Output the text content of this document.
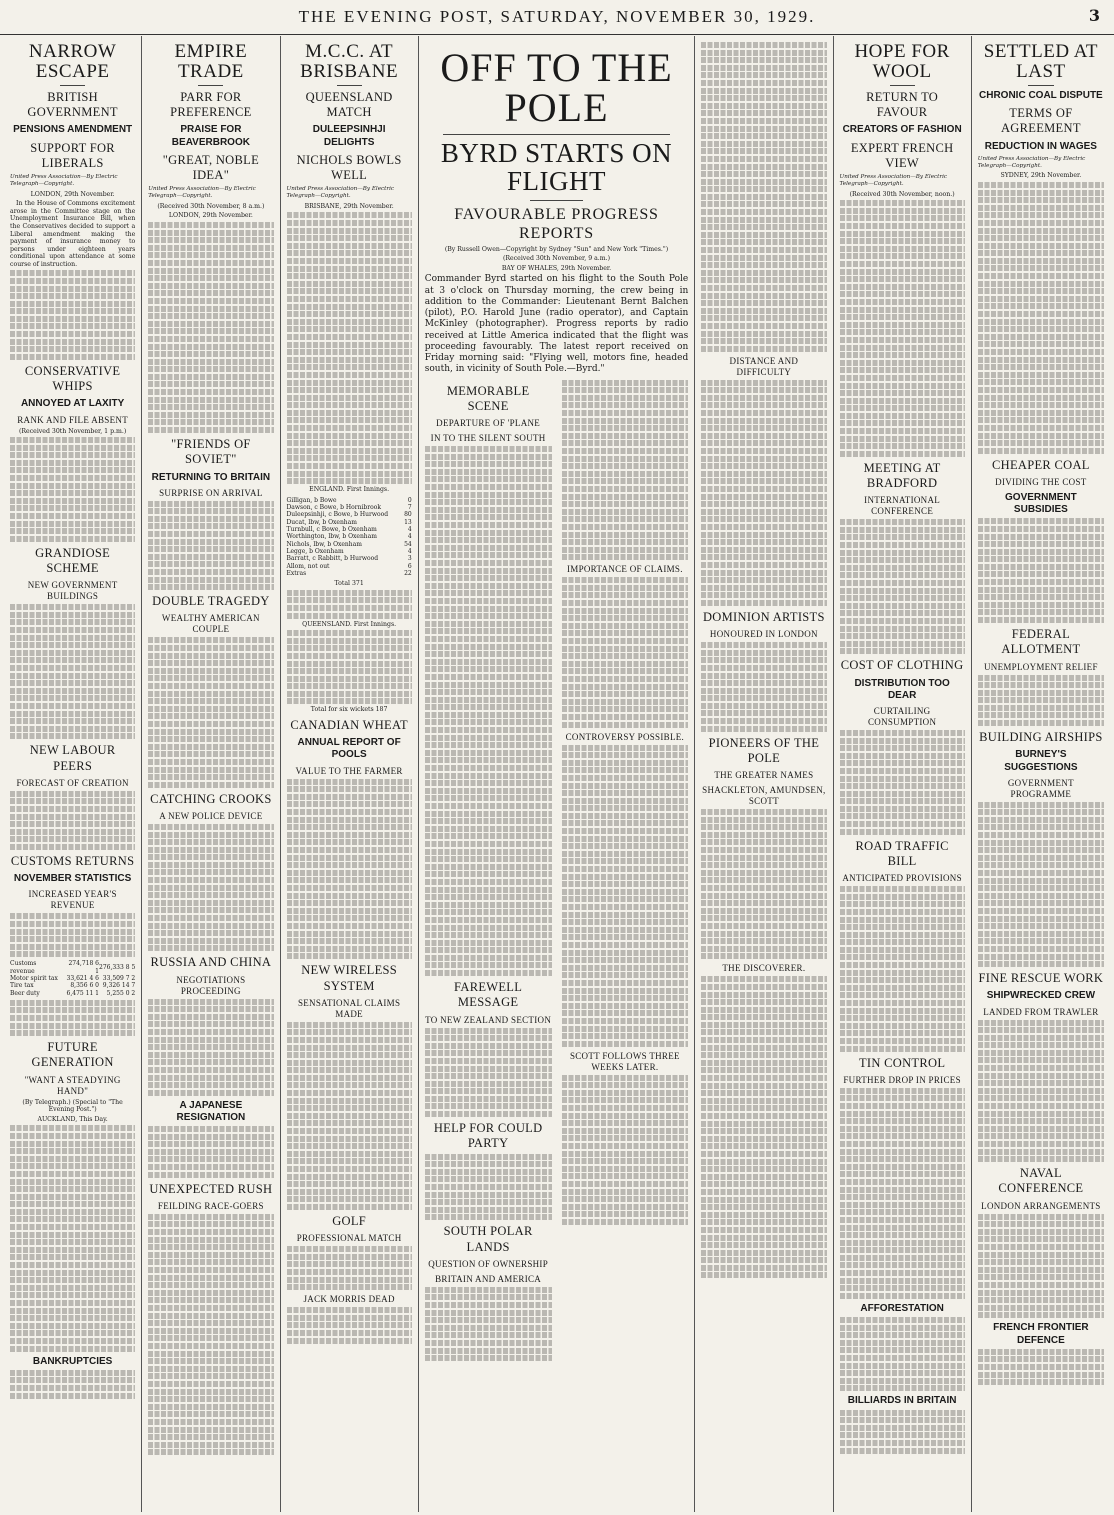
THE EVENING POST, SATURDAY, NOVEMBER 30, 1929.	3
NARROW ESCAPE
BRITISH GOVERNMENT
PENSIONS AMENDMENT
SUPPORT FOR LIBERALS
United Press Association—By Electric Telegraph—Copyright.
LONDON, 29th November.

In the House of Commons excitement arose in the Committee stage on the Unemployment Insurance Bill, when the Conservatives decided to support a Liberal amendment making the payment of insurance money to persons under eighteen years conditional upon attendance at some course of instruction.

CONSERVATIVE WHIPS
ANNOYED AT LAXITY
RANK AND FILE ABSENT
(Received 30th November, 1 p.m.)
GRANDIOSE SCHEME
NEW GOVERNMENT BUILDINGS
NEW LABOUR PEERS
FORECAST OF CREATION
CUSTOMS RETURNS
NOVEMBER STATISTICS
INCREASED YEAR'S REVENUE
Customs revenue	274,718 6 1	276,333 8 5
Motor spirit tax	33,621 4 6	33,509 7 2
Tire tax	8,356 6 0	9,326 14 7
Beer duty	6,475 11 1	5,255 0 2
FUTURE GENERATION
"WANT A STEADYING HAND"
(By Telegraph.) (Special to "The Evening Post.")
AUCKLAND, This Day.
BANKRUPTCIES
EMPIRE TRADE
PARR FOR PREFERENCE
PRAISE FOR BEAVERBROOK
"GREAT, NOBLE IDEA"
United Press Association—By Electric Telegraph—Copyright.
(Received 30th November, 8 a.m.)
LONDON, 29th November.
"FRIENDS OF SOVIET"
RETURNING TO BRITAIN
SURPRISE ON ARRIVAL
DOUBLE TRAGEDY
WEALTHY AMERICAN COUPLE
CATCHING CROOKS
A NEW POLICE DEVICE
RUSSIA AND CHINA
NEGOTIATIONS PROCEEDING
A JAPANESE RESIGNATION
UNEXPECTED RUSH
FEILDING RACE-GOERS
M.C.C. AT BRISBANE
QUEENSLAND MATCH
DULEEPSINHJI DELIGHTS
NICHOLS BOWLS WELL
United Press Association—By Electric Telegraph—Copyright.
BRISBANE, 29th November.
ENGLAND. First Innings.
Gilligan, b Bowe	0
Dawson, c Bowe, b Hornibrook	7
Duleepsinhji, c Bowe, b Hurwood	80
Ducat, lbw, b Oxenham	13
Turnbull, c Bowe, b Oxenham	4
Worthington, lbw, b Oxenham	4
Nichols, lbw, b Oxenham	54
Legge, b Oxenham	4
Barratt, c Rabbitt, b Hurwood	3
Allom, not out	6
Extras	22
Total 371
QUEENSLAND. First Innings.
Total for six wickets 187
CANADIAN WHEAT
ANNUAL REPORT OF POOLS
VALUE TO THE FARMER
NEW WIRELESS SYSTEM
SENSATIONAL CLAIMS MADE
GOLF
PROFESSIONAL MATCH
JACK MORRIS DEAD
OFF TO THE POLE
BYRD STARTS ON FLIGHT
FAVOURABLE PROGRESS REPORTS
(By Russell Owen—Copyright by Sydney "Sun" and New York "Times.")
(Received 30th November, 9 a.m.)
BAY OF WHALES, 29th November.
Commander Byrd started on his flight to the South Pole at 3 o'clock on Thursday morning, the crew being in addition to the Commander: Lieutenant Bernt Balchen (pilot), P.O. Harold June (radio operator), and Captain McKinley (photographer). Progress reports by radio received at Little America indicated that the flight was proceeding favourably. The latest report received on Friday morning said: "Flying well, motors fine, headed south, in vicinity of South Pole.—Byrd."
MEMORABLE SCENE
DEPARTURE OF 'PLANE
IN TO THE SILENT SOUTH
FAREWELL MESSAGE
TO NEW ZEALAND SECTION
HELP FOR COULD PARTY
SOUTH POLAR LANDS
QUESTION OF OWNERSHIP
BRITAIN AND AMERICA
IMPORTANCE OF CLAIMS.
CONTROVERSY POSSIBLE.
SCOTT FOLLOWS THREE WEEKS LATER.
DISTANCE AND DIFFICULTY
DOMINION ARTISTS
HONOURED IN LONDON
PIONEERS OF THE POLE
THE GREATER NAMES
SHACKLETON, AMUNDSEN, SCOTT
THE DISCOVERER.
HOPE FOR WOOL
RETURN TO FAVOUR
CREATORS OF FASHION
EXPERT FRENCH VIEW
United Press Association—By Electric Telegraph—Copyright.
(Received 30th November, noon.)
MEETING AT BRADFORD
INTERNATIONAL CONFERENCE
COST OF CLOTHING
DISTRIBUTION TOO DEAR
CURTAILING CONSUMPTION
ROAD TRAFFIC BILL
ANTICIPATED PROVISIONS
TIN CONTROL
FURTHER DROP IN PRICES
AFFORESTATION
BILLIARDS IN BRITAIN
SETTLED AT LAST
CHRONIC COAL DISPUTE
TERMS OF AGREEMENT
REDUCTION IN WAGES
United Press Association—By Electric Telegraph—Copyright.
SYDNEY, 29th November.
CHEAPER COAL
DIVIDING THE COST
GOVERNMENT SUBSIDIES
FEDERAL ALLOTMENT
UNEMPLOYMENT RELIEF
BUILDING AIRSHIPS
BURNEY'S SUGGESTIONS
GOVERNMENT PROGRAMME
FINE RESCUE WORK
SHIPWRECKED CREW
LANDED FROM TRAWLER
NAVAL CONFERENCE
LONDON ARRANGEMENTS
FRENCH FRONTIER DEFENCE
